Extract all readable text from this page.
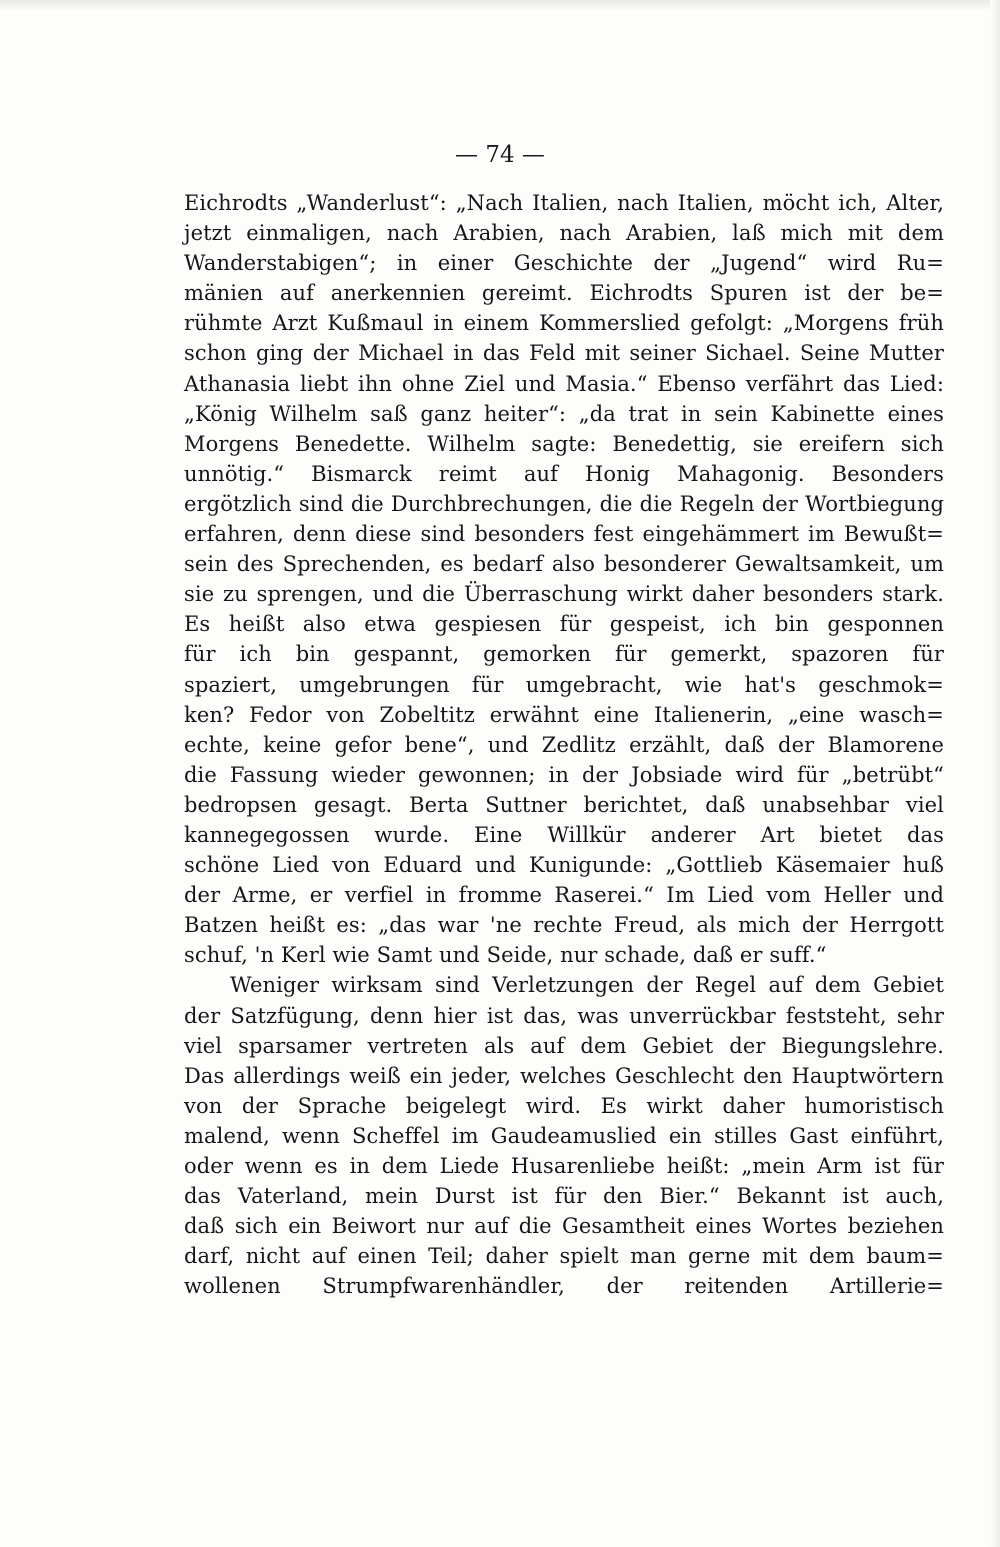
— 74 —
Eichrodts „Wanderlust“: „Nach Italien, nach Italien, möcht ich, Alter,
jetzt einmaligen, nach Arabien, nach Arabien, laß mich mit dem
Wanderstabigen“; in einer Geschichte der „Jugend“ wird Ru=
mänien auf anerkennien gereimt. Eichrodts Spuren ist der be=
rühmte Arzt Kußmaul in einem Kommerslied gefolgt: „Morgens früh
schon ging der Michael in das Feld mit seiner Sichael. Seine Mutter
Athanasia liebt ihn ohne Ziel und Masia.“ Ebenso verfährt das Lied:
„König Wilhelm saß ganz heiter“: „da trat in sein Kabinette eines
Morgens Benedette. Wilhelm sagte: Benedettig, sie ereifern sich
unnötig.“ Bismarck reimt auf Honig Mahagonig. Besonders
ergötzlich sind die Durchbrechungen, die die Regeln der Wortbiegung
erfahren, denn diese sind besonders fest eingehämmert im Bewußt=
sein des Sprechenden, es bedarf also besonderer Gewaltsamkeit, um
sie zu sprengen, und die Überraschung wirkt daher besonders stark.
Es heißt also etwa gespiesen für gespeist, ich bin gesponnen
für ich bin gespannt, gemorken für gemerkt, spazoren für
spaziert, umgebrungen für umgebracht, wie hat's geschmok=
ken? Fedor von Zobeltitz erwähnt eine Italienerin, „eine wasch=
echte, keine gefor bene“, und Zedlitz erzählt, daß der Blamorene
die Fassung wieder gewonnen; in der Jobsiade wird für „betrübt“
bedropsen gesagt. Berta Suttner berichtet, daß unabsehbar viel
kannegegossen wurde. Eine Willkür anderer Art bietet das
schöne Lied von Eduard und Kunigunde: „Gottlieb Käsemaier huß
der Arme, er verfiel in fromme Raserei.“ Im Lied vom Heller und
Batzen heißt es: „das war 'ne rechte Freud, als mich der Herrgott
schuf, 'n Kerl wie Samt und Seide, nur schade, daß er suff.“
Weniger wirksam sind Verletzungen der Regel auf dem Gebiet
der Satzfügung, denn hier ist das, was unverrückbar feststeht, sehr
viel sparsamer vertreten als auf dem Gebiet der Biegungslehre.
Das allerdings weiß ein jeder, welches Geschlecht den Hauptwörtern
von der Sprache beigelegt wird. Es wirkt daher humoristisch
malend, wenn Scheffel im Gaudeamuslied ein stilles Gast einführt,
oder wenn es in dem Liede Husarenliebe heißt: „mein Arm ist für
das Vaterland, mein Durst ist für den Bier.“ Bekannt ist auch,
daß sich ein Beiwort nur auf die Gesamtheit eines Wortes beziehen
darf, nicht auf einen Teil; daher spielt man gerne mit dem baum=
wollenen Strumpfwarenhändler, der reitenden Artillerie=
